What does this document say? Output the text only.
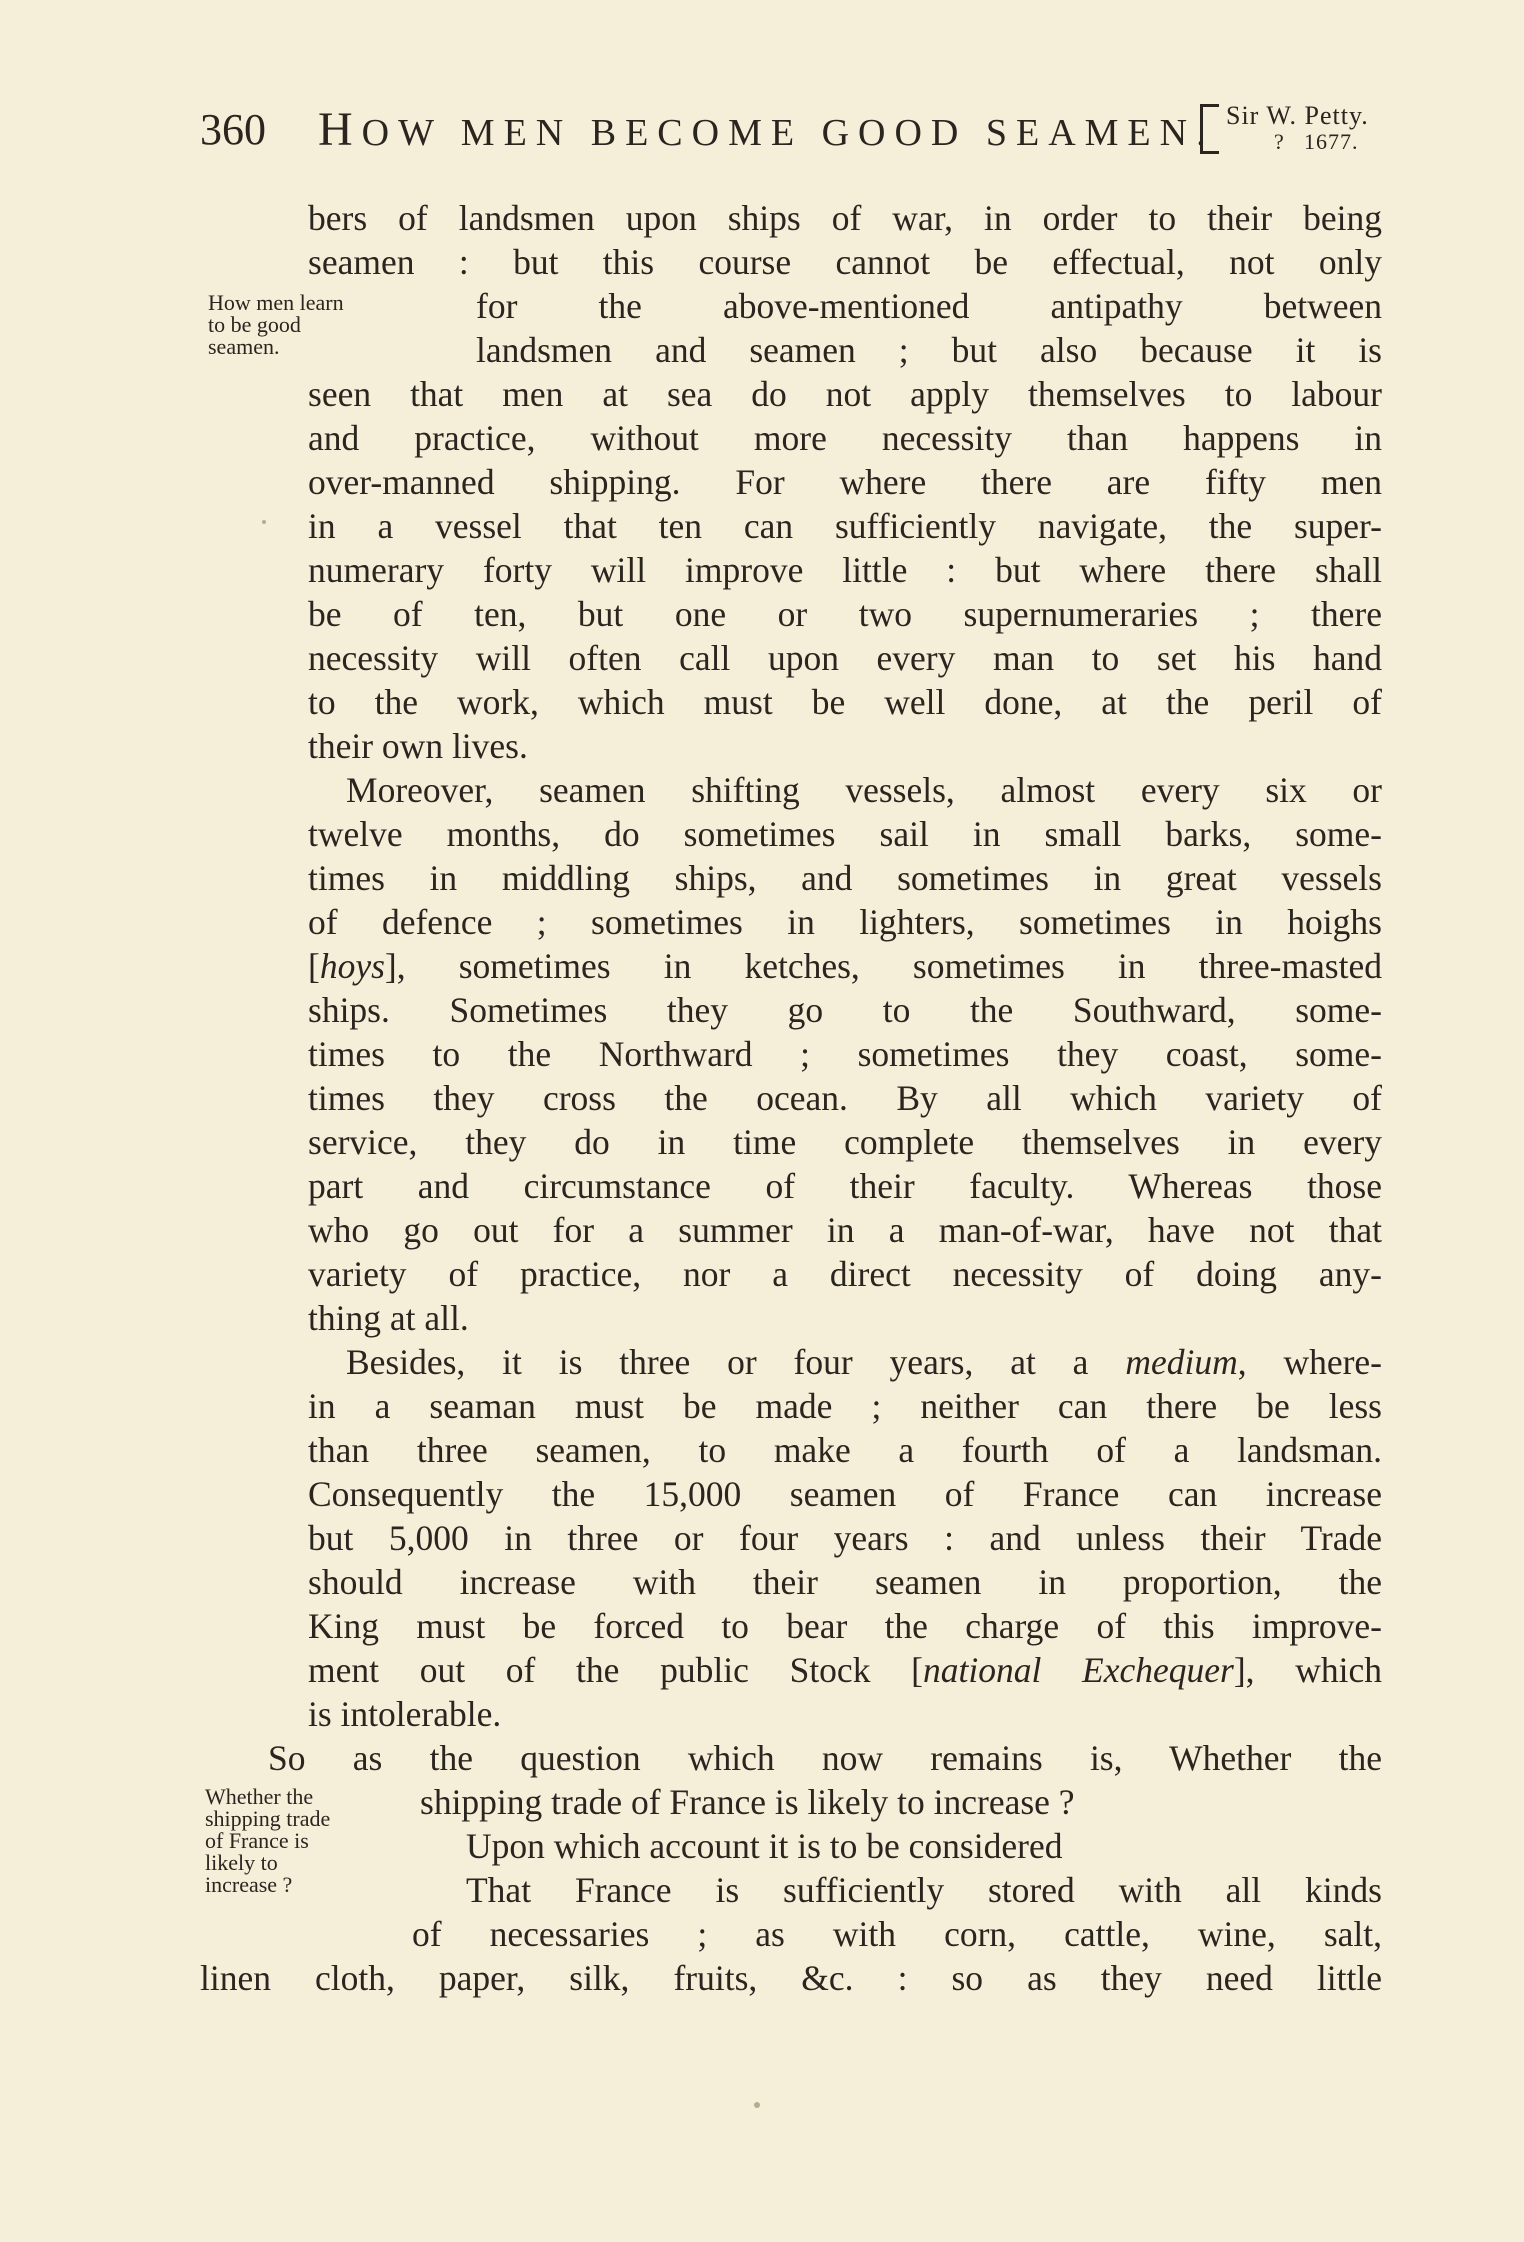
360 HOW MEN BECOME GOOD SEAMEN. Sir W. Petty.
? 1677.
How men learn
to be good
seamen.
Whether the
shipping trade
of France is
likely to
increase ?
bers of landsmen upon ships of war, in order to their being
seamen : but this course cannot be effectual, not only
for the above-mentioned antipathy between
landsmen and seamen ; but also because it is
seen that men at sea do not apply themselves to labour
and practice, without more necessity than happens in
over-manned shipping. For where there are fifty men
in a vessel that ten can sufficiently navigate, the super-
numerary forty will improve little : but where there shall
be of ten, but one or two supernumeraries ; there
necessity will often call upon every man to set his hand
to the work, which must be well done, at the peril of
their own lives.
Moreover, seamen shifting vessels, almost every six or
twelve months, do sometimes sail in small barks, some-
times in middling ships, and sometimes in great vessels
of defence ; sometimes in lighters, sometimes in hoighs
[hoys], sometimes in ketches, sometimes in three-masted
ships. Sometimes they go to the Southward, some-
times to the Northward ; sometimes they coast, some-
times they cross the ocean. By all which variety of
service, they do in time complete themselves in every
part and circumstance of their faculty. Whereas those
who go out for a summer in a man-of-war, have not that
variety of practice, nor a direct necessity of doing any-
thing at all.
Besides, it is three or four years, at a medium, where-
in a seaman must be made ; neither can there be less
than three seamen, to make a fourth of a landsman.
Consequently the 15,000 seamen of France can increase
but 5,000 in three or four years : and unless their Trade
should increase with their seamen in proportion, the
King must be forced to bear the charge of this improve-
ment out of the public Stock [national Exchequer], which
is intolerable.
So as the question which now remains is, Whether the
shipping trade of France is likely to increase ?
Upon which account it is to be considered
That France is sufficiently stored with all kinds
of necessaries ; as with corn, cattle, wine, salt,
linen cloth, paper, silk, fruits, &c. : so as they need little
